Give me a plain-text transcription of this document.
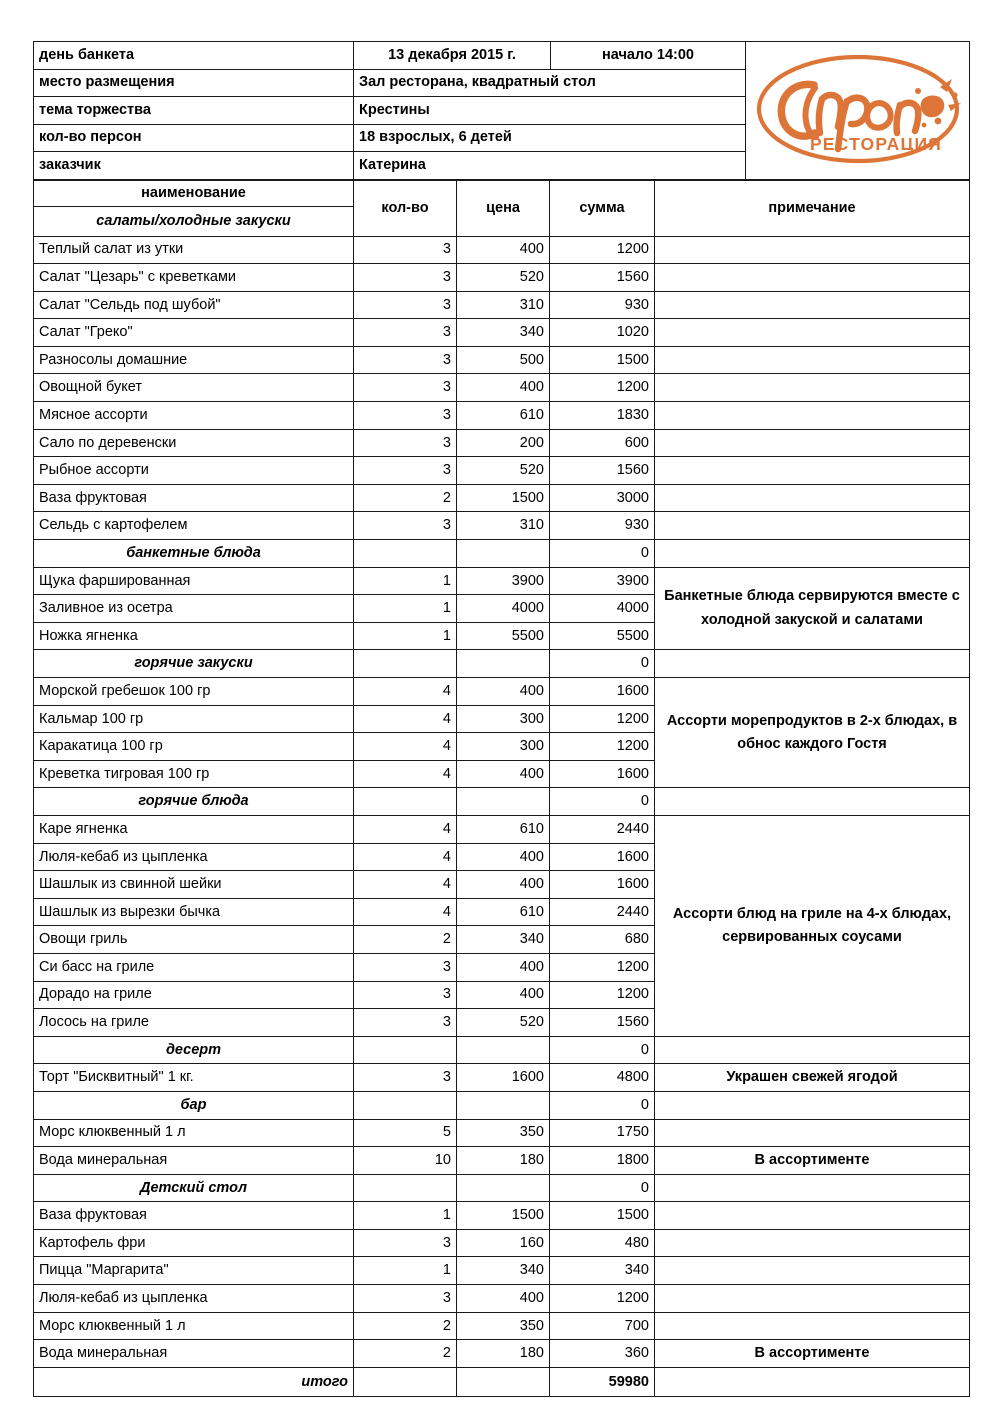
день банкета	13 декабря 2015 г.	начало 14:00	РЕСТОРАЦИЯ

место размещения	Зал ресторана, квадратный стол		
тема торжества	Крестины		
кол-во персон	18 взрослых, 6 детей		
заказчик	Катерина		
наименование	кол-во	цена	сумма	примечание
салаты/холодные закуски				
Теплый салат из утки	3	400	1200	
Салат "Цезарь" с креветками	3	520	1560	
Салат "Сельдь под шубой"	3	310	930	
Салат "Греко"	3	340	1020	
Разносолы домашние	3	500	1500	
Овощной букет	3	400	1200	
Мясное ассорти	3	610	1830	
Сало по деревенски	3	200	600	
Рыбное ассорти	3	520	1560	
Ваза фруктовая	2	1500	3000	
Сельдь с картофелем	3	310	930	
банкетные блюда			0	
Щука фаршированная	1	3900	3900	Банкетные блюда сервируются вместе с холодной закуской и салатами
Заливное из осетра	1	4000	4000	
Ножка ягненка	1	5500	5500	
горячие закуски			0	
Морской гребешок 100 гр	4	400	1600	Ассорти морепродуктов в 2-х блюдах, в обнос каждого Гостя
Кальмар 100 гр	4	300	1200	
Каракатица 100 гр	4	300	1200	
Креветка тигровая 100 гр	4	400	1600	
горячие блюда			0	
Каре ягненка	4	610	2440	Ассорти блюд на гриле на 4-х блюдах, сервированных соусами
Люля-кебаб из цыпленка	4	400	1600	
Шашлык из свинной шейки	4	400	1600	
Шашлык из вырезки бычка	4	610	2440	
Овощи гриль	2	340	680	
Си басс на гриле	3	400	1200	
Дорадо на гриле	3	400	1200	
Лосось на гриле	3	520	1560	
десерт			0	
Торт "Бисквитный" 1 кг.	3	1600	4800	Украшен свежей ягодой
бар			0	
Морс клюквенный 1 л	5	350	1750	
Вода минеральная	10	180	1800	В ассортименте
Детский стол			0	
Ваза фруктовая	1	1500	1500	
Картофель фри	3	160	480	
Пицца "Маргарита"	1	340	340	
Люля-кебаб из цыпленка	3	400	1200	
Морс клюквенный 1 л	2	350	700	
Вода минеральная	2	180	360	В ассортименте
итого			59980	
